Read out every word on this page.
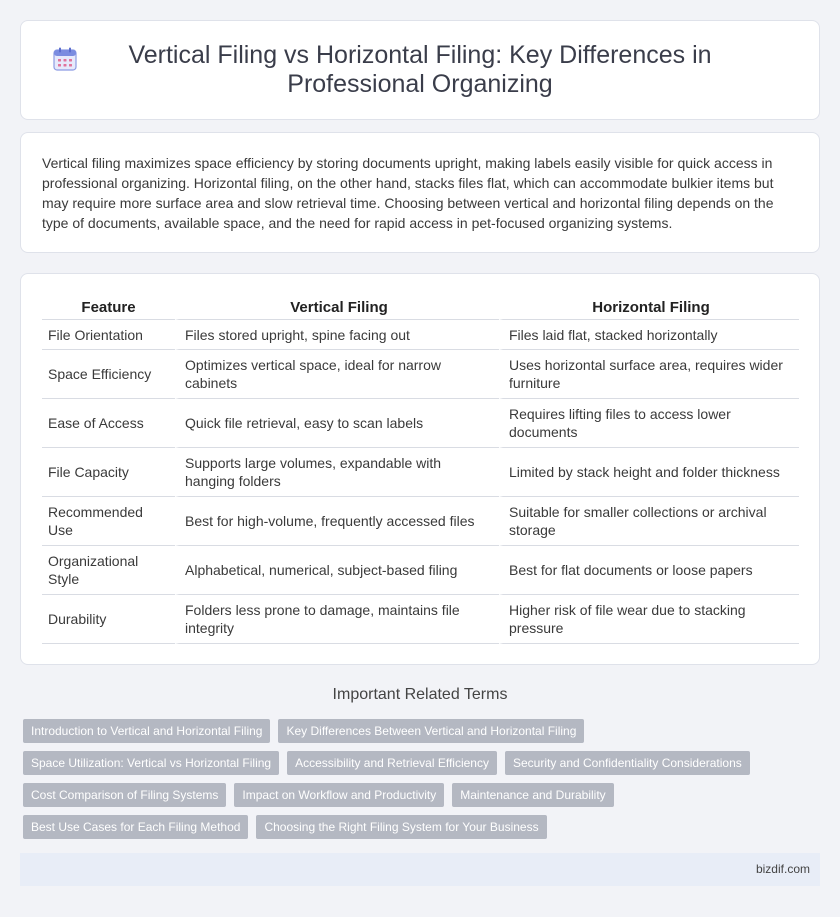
Vertical Filing vs Horizontal Filing: Key Differences in Professional Organizing

Vertical filing maximizes space efficiency by storing documents upright, making labels easily visible for quick access in professional organizing. Horizontal filing, on the other hand, stacks files flat, which can accommodate bulkier items but may require more surface area and slow retrieval time. Choosing between vertical and horizontal filing depends on the type of documents, available space, and the need for rapid access in pet-focused organizing systems.

Feature	Vertical Filing	Horizontal Filing
File Orientation	Files stored upright, spine facing out	Files laid flat, stacked horizontally
Space Efficiency	Optimizes vertical space, ideal for narrow cabinets	Uses horizontal surface area, requires wider furniture
Ease of Access	Quick file retrieval, easy to scan labels	Requires lifting files to access lower documents
File Capacity	Supports large volumes, expandable with hanging folders	Limited by stack height and folder thickness
Recommended Use	Best for high-volume, frequently accessed files	Suitable for smaller collections or archival storage
Organizational Style	Alphabetical, numerical, subject-based filing	Best for flat documents or loose papers
Durability	Folders less prone to damage, maintains file integrity	Higher risk of file wear due to stacking pressure
Important Related Terms
Introduction to Vertical and Horizontal Filing	Key Differences Between Vertical and Horizontal Filing
Space Utilization: Vertical vs Horizontal Filing	Accessibility and Retrieval Efficiency	Security and Confidentiality Considerations
Cost Comparison of Filing Systems	Impact on Workflow and Productivity	Maintenance and Durability
Best Use Cases for Each Filing Method	Choosing the Right Filing System for Your Business
bizdif.com
